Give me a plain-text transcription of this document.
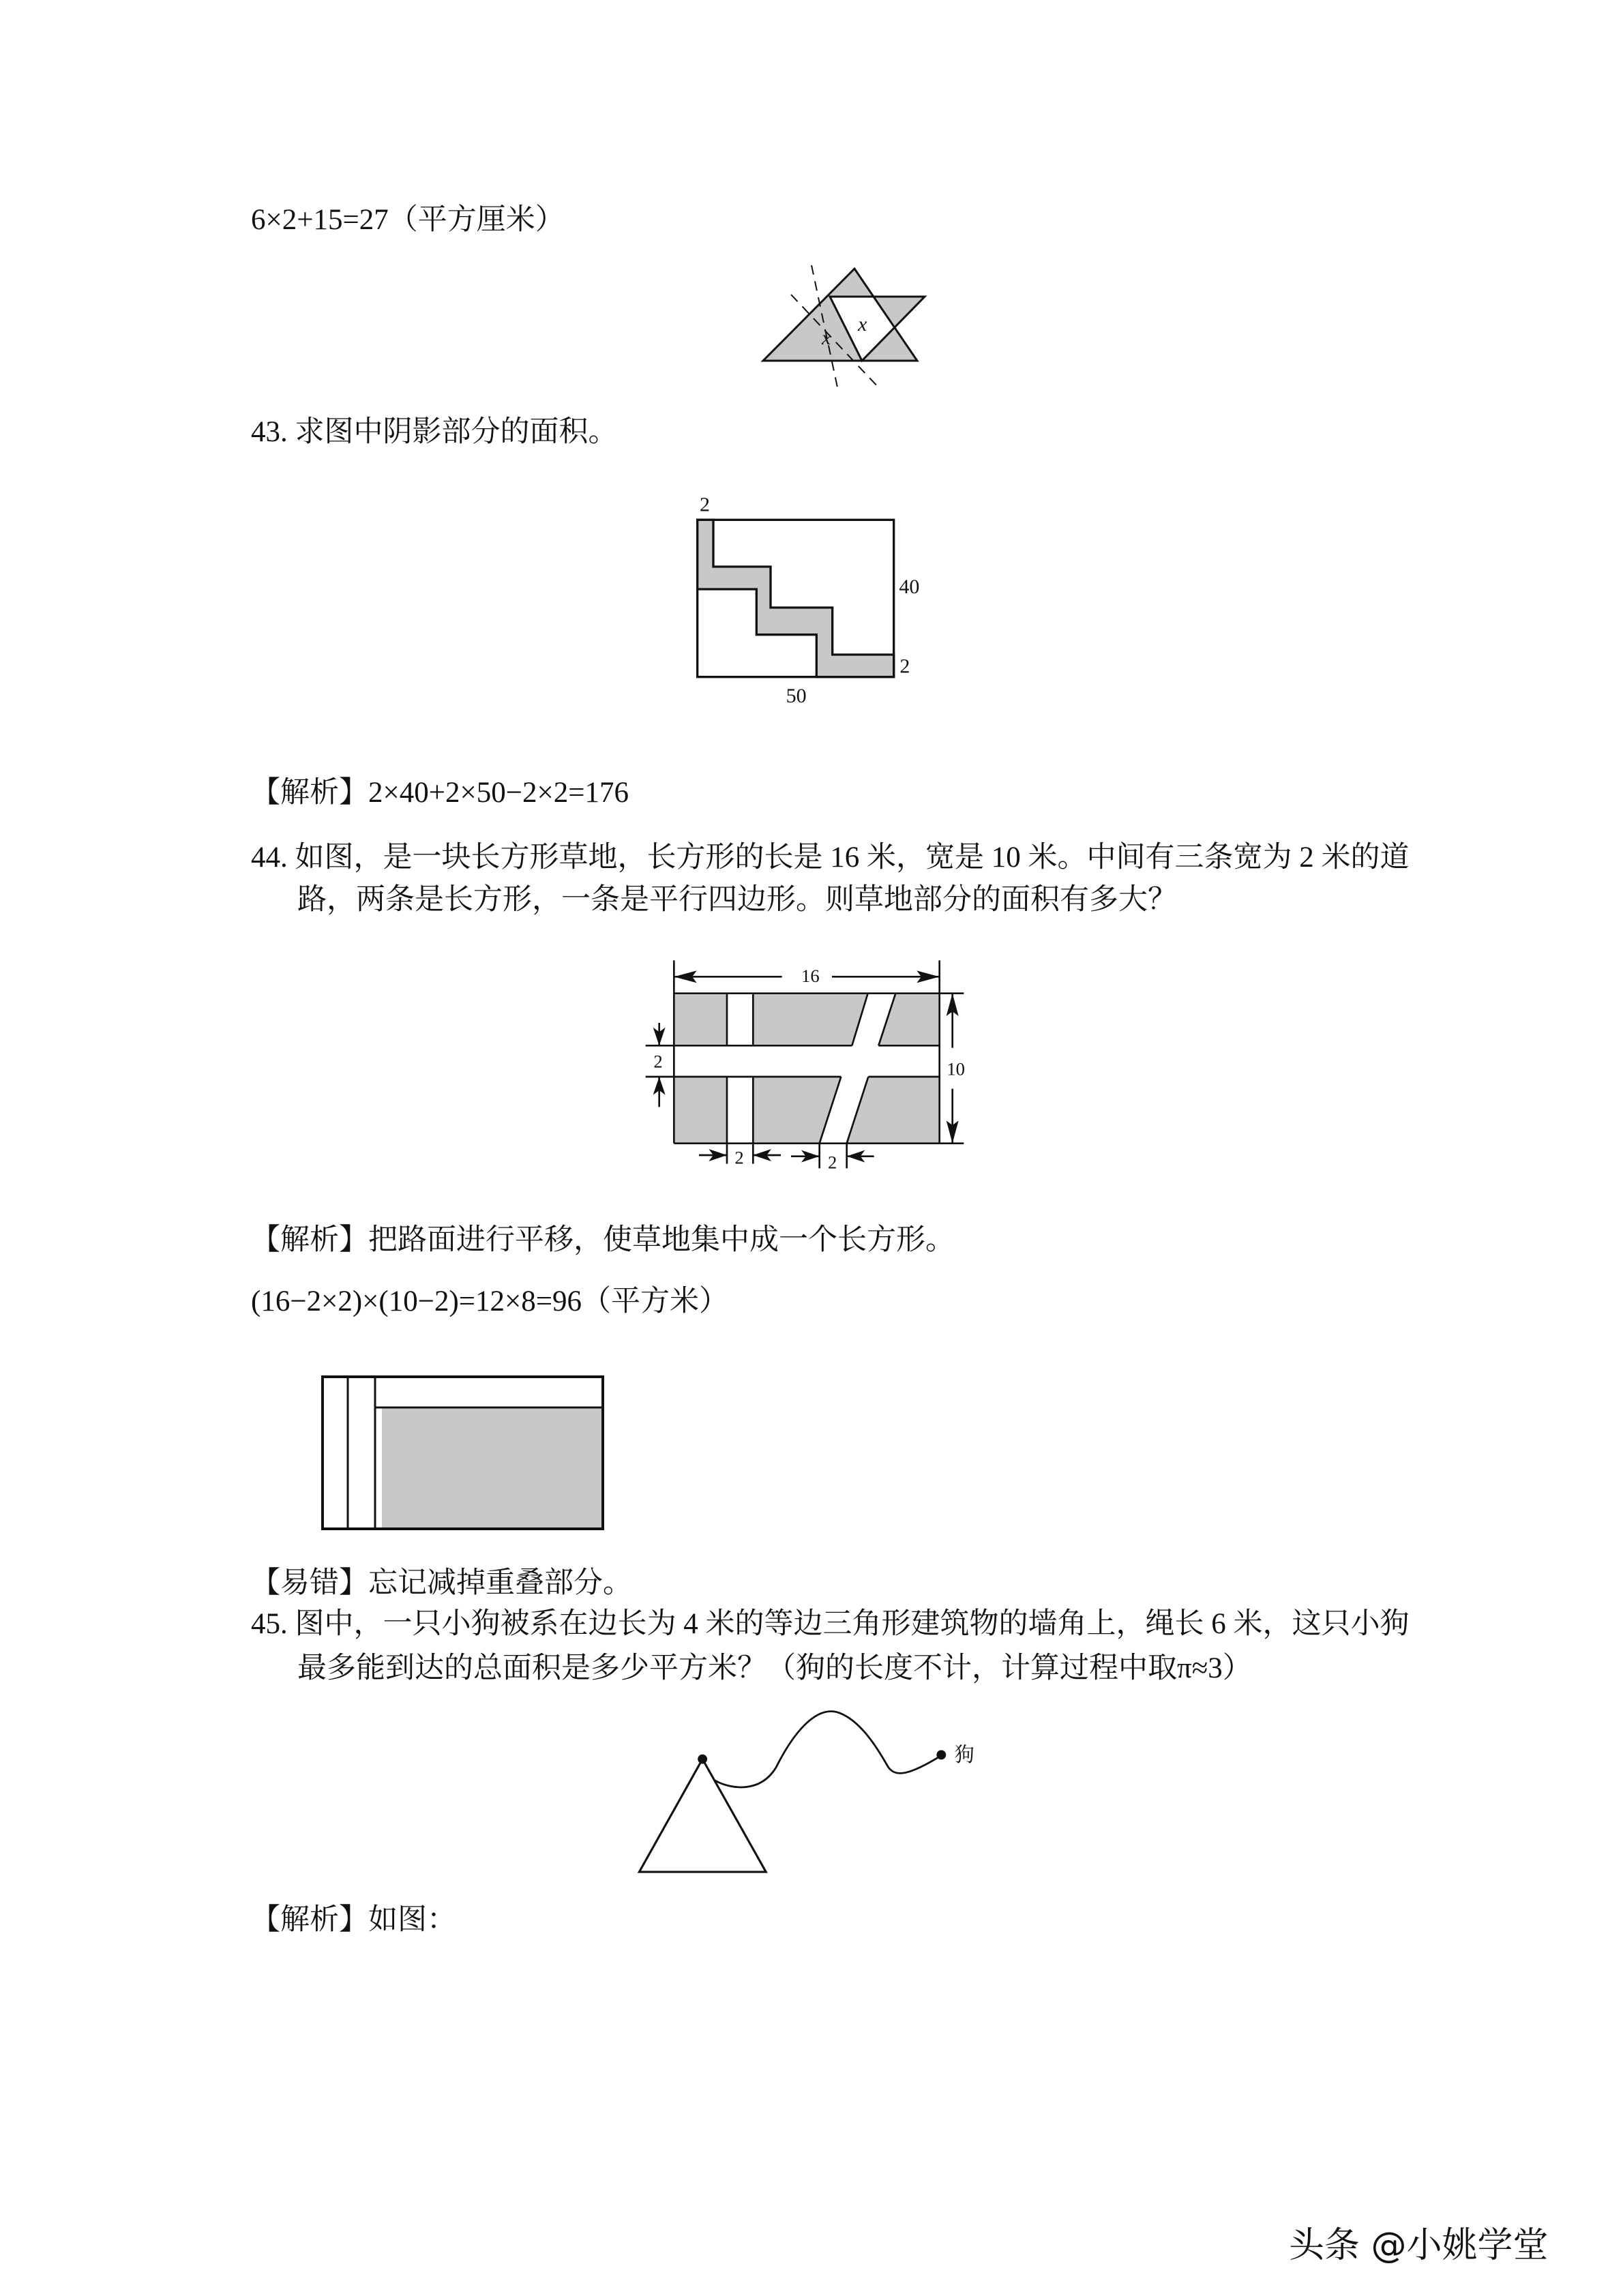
6×2+15=27（平方厘米）
x
x
43. 求图中阴影部分的面积。
2
40
2
50
【解析】2×40+2×50−2×2=176
44. 如图，是一块长方形草地，长方形的长是 16 米，宽是 10 米。中间有三条宽为 2 米的道
路，两条是长方形，一条是平行四边形。则草地部分的面积有多大？
16
10
2
2 2
【解析】把路面进行平移，使草地集中成一个长方形。
(16−2×2)×(10−2)=12×8=96（平方米）
【易错】忘记减掉重叠部分。
45. 图中，一只小狗被系在边长为 4 米的等边三角形建筑物的墙角上，绳长 6 米，这只小狗
最多能到达的总面积是多少平方米？（狗的长度不计，计算过程中取π≈3）
狗
【解析】如图：
头条 @小姚学堂
